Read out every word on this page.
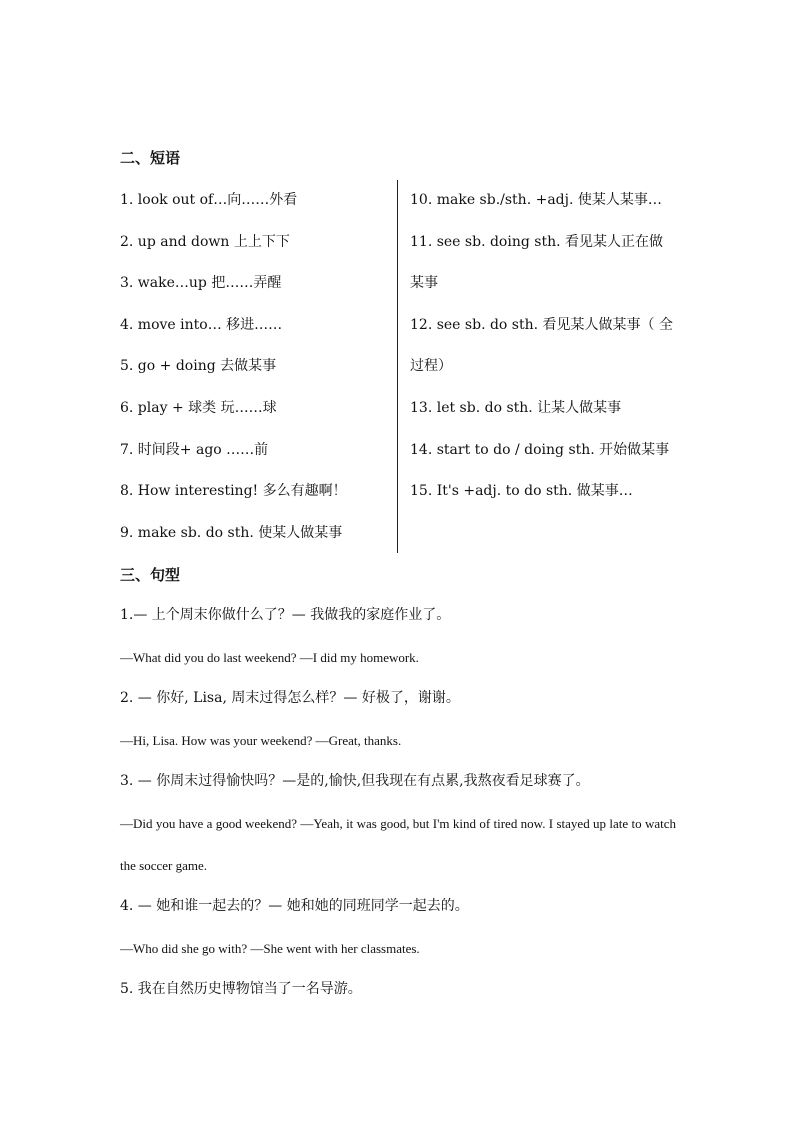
二、短语
1. look out of…向……外看
2. up and down 上上下下
3. wake…up 把……弄醒
4. move into… 移进……
5. go + doing 去做某事
6. play + 球类 玩……球
7. 时间段+ ago ……前
8. How interesting! 多么有趣啊！
9. make sb. do sth. 使某人做某事
10. make sb./sth. +adj. 使某人某事…
11. see sb. doing sth. 看见某人正在做某事
12. see sb. do sth. 看见某人做某事（ 全过程）
13. let sb. do sth. 让某人做某事
14. start to do / doing sth. 开始做某事
15. It's +adj. to do sth. 做某事…
三、句型
1.— 上个周末你做什么了？— 我做我的家庭作业了。
—What did you do last weekend? —I did my homework.
2. — 你好, Lisa, 周末过得怎么样？— 好极了，谢谢。
—Hi, Lisa. How was your weekend? —Great, thanks.
3. — 你周末过得愉快吗？—是的,愉快,但我现在有点累,我熬夜看足球赛了。
—Did you have a good weekend? —Yeah, it was good, but I'm kind of tired now. I stayed up late to watch the soccer game.
4. — 她和谁一起去的？— 她和她的同班同学一起去的。
—Who did she go with? —She went with her classmates.
5. 我在自然历史博物馆当了一名导游。
